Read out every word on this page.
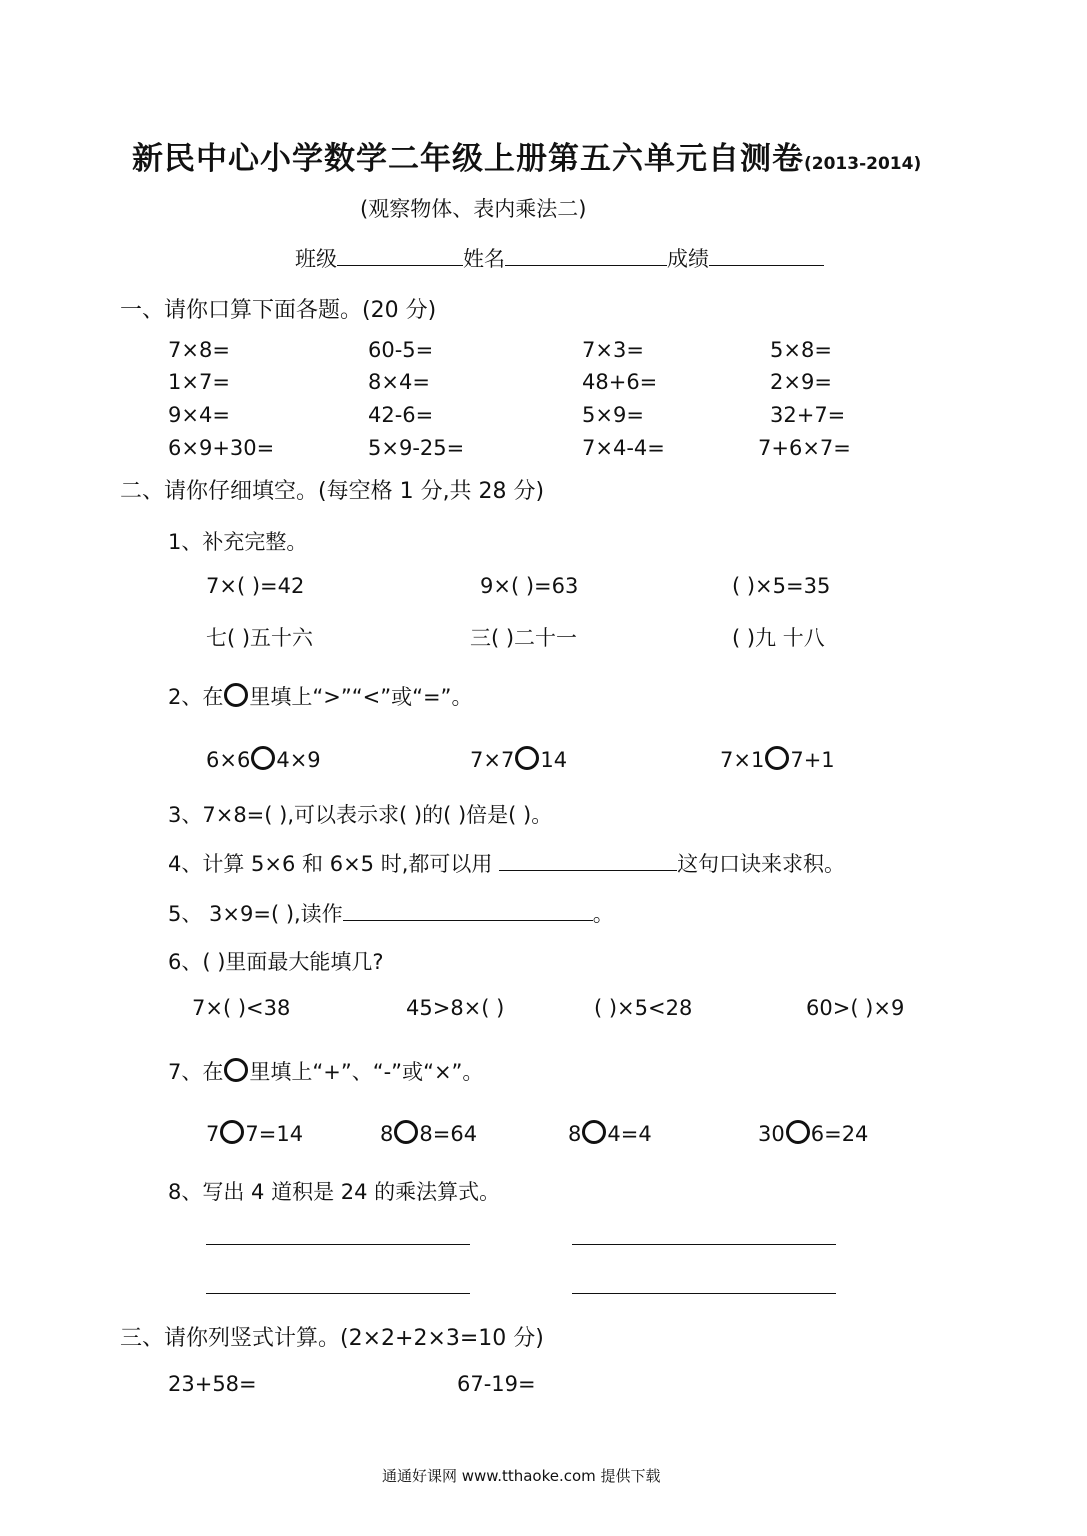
新民中心小学数学二年级上册第五六单元自测卷(2013-2014)
(观察物体、表内乘法二)
班级	姓名	成绩
一、请你口算下面各题。(20 分)
7×8=	60-5=	7×3=	5×8=
1×7=	8×4=	48+6=	2×9=
9×4=	42-6=	5×9=	32+7=
6×9+30=	5×9-25=	7×4-4=	7+6×7=
二、请你仔细填空。(每空格 1 分,共 28 分)
1、补充完整。
7×( )=42	9×( )=63	( )×5=35
七( )五十六	三( )二十一	( )九 十八
2、在 里填上“>”“<”或“=”。
6×6 4×9	7×7 14	7×1 7+1
3、7×8=( ),可以表示求( )的( )倍是( )。
4、计算 5×6 和 6×5 时,都可以用	这句口诀来求积。
5、 3×9=( ),读作	。
6、( )里面最大能填几?
7×( )<38	45>8×( )	( )×5<28	60>( )×9
7、在 里填上“+”、“-”或“×”。
7 7=14	8 8=64	8 4=4	30 6=24
8、写出 4 道积是 24 的乘法算式。
三、请你列竖式计算。(2×2+2×3=10 分)
23+58=	67-19=
通通好课网 www.tthaoke.com 提供下载
